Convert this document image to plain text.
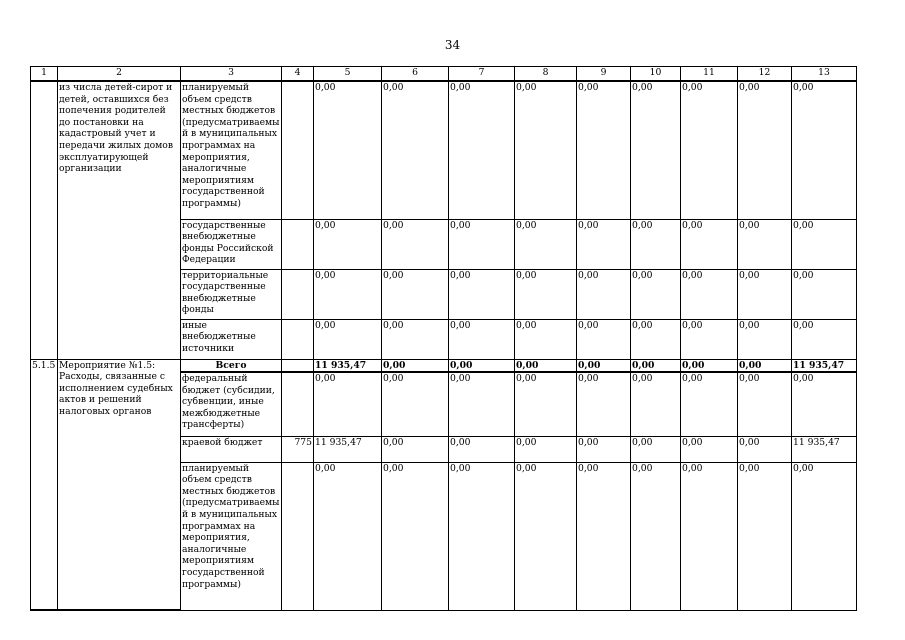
34
1	2	3	4	5	6	7	8	9	10	11	12	13
	из числа детей-сирот и детей, оставшихся без попечения родителей до постановки на кадастровый учет и передачи жилых домов эксплуатирующей организации	планируемый объем средств местных бюджетов (предусматриваемы й в муниципальных программах на мероприятия, аналогичные мероприятиям государственной программы)		0,00	0,00	0,00	0,00	0,00	0,00	0,00	0,00	0,00
		государственные внебюджетные фонды Российской Федерации		0,00	0,00	0,00	0,00	0,00	0,00	0,00	0,00	0,00
		территориальные государственные внебюджетные фонды		0,00	0,00	0,00	0,00	0,00	0,00	0,00	0,00	0,00
		иные внебюджетные источники		0,00	0,00	0,00	0,00	0,00	0,00	0,00	0,00	0,00
5.1.5	Мероприятие №1.5: Расходы, связанные с исполнением судебных актов и решений налоговых органов	Всего		11 935,47	0,00	0,00	0,00	0,00	0,00	0,00	0,00	11 935,47
		федеральный бюджет (субсидии, субвенции, иные межбюджетные трансферты)		0,00	0,00	0,00	0,00	0,00	0,00	0,00	0,00	0,00
		краевой бюджет	775	11 935,47	0,00	0,00	0,00	0,00	0,00	0,00	0,00	11 935,47
		планируемый объем средств местных бюджетов (предусматриваемы й в муниципальных программах на мероприятия, аналогичные мероприятиям государственной программы)		0,00	0,00	0,00	0,00	0,00	0,00	0,00	0,00	0,00
